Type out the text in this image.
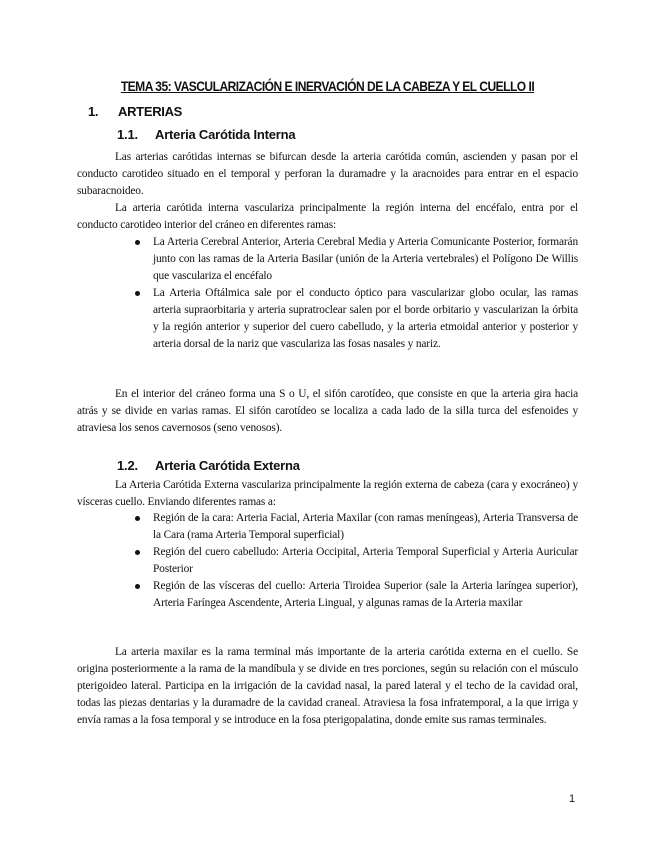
TEMA 35: VASCULARIZACIÓN E INERVACIÓN DE LA CABEZA Y EL CUELLO II
1. ARTERIAS
1.1. Arteria Carótida Interna

Las arterias carótidas internas se bifurcan desde la arteria carótida común, ascienden y pasan por el conducto carotideo situado en el temporal y perforan la duramadre y la aracnoides para entrar en el espacio subaracnoideo.

La arteria carótida interna vasculariza principalmente la región interna del encéfalo, entra por el conducto carotideo interior del cráneo en diferentes ramas:

La Arteria Cerebral Anterior, Arteria Cerebral Media y Arteria Comunicante Posterior, formarán junto con las ramas de la Arteria Basilar (unión de la Arteria vertebrales) el Polígono De Willis que vasculariza el encéfalo
La Arteria Oftálmica sale por el conducto óptico para vascularizar globo ocular, las ramas arteria supraorbitaria y arteria supratroclear salen por el borde orbitario y vascularizan la órbita y la región anterior y superior del cuero cabelludo, y la arteria etmoidal anterior y posterior y arteria dorsal de la nariz que vasculariza las fosas nasales y nariz.

En el interior del cráneo forma una S o U, el sifón carotídeo, que consiste en que la arteria gira hacia atrás y se divide en varias ramas. El sifón carotídeo se localiza a cada lado de la silla turca del esfenoides y atraviesa los senos cavernosos (seno venosos).

1.2. Arteria Carótida Externa

La Arteria Carótida Externa vasculariza principalmente la región externa de cabeza (cara y exocráneo) y vísceras cuello. Enviando diferentes ramas a:

Región de la cara: Arteria Facial, Arteria Maxilar (con ramas meníngeas), Arteria Transversa de la Cara (rama Arteria Temporal superficial)
Región del cuero cabelludo: Arteria Occipital, Arteria Temporal Superficial y Arteria Auricular Posterior
Región de las vísceras del cuello: Arteria Tiroidea Superior (sale la Arteria laríngea superior), Arteria Faríngea Ascendente, Arteria Lingual, y algunas ramas de la Arteria maxilar

La arteria maxilar es la rama terminal más importante de la arteria carótida externa en el cuello. Se origina posteriormente a la rama de la mandíbula y se divide en tres porciones, según su relación con el músculo pterigoideo lateral. Participa en la irrigación de la cavidad nasal, la pared lateral y el techo de la cavidad oral, todas las piezas dentarias y la duramadre de la cavidad craneal. Atraviesa la fosa infratemporal, a la que irriga y envía ramas a la fosa temporal y se introduce en la fosa pterigopalatina, donde emite sus ramas terminales.

1
